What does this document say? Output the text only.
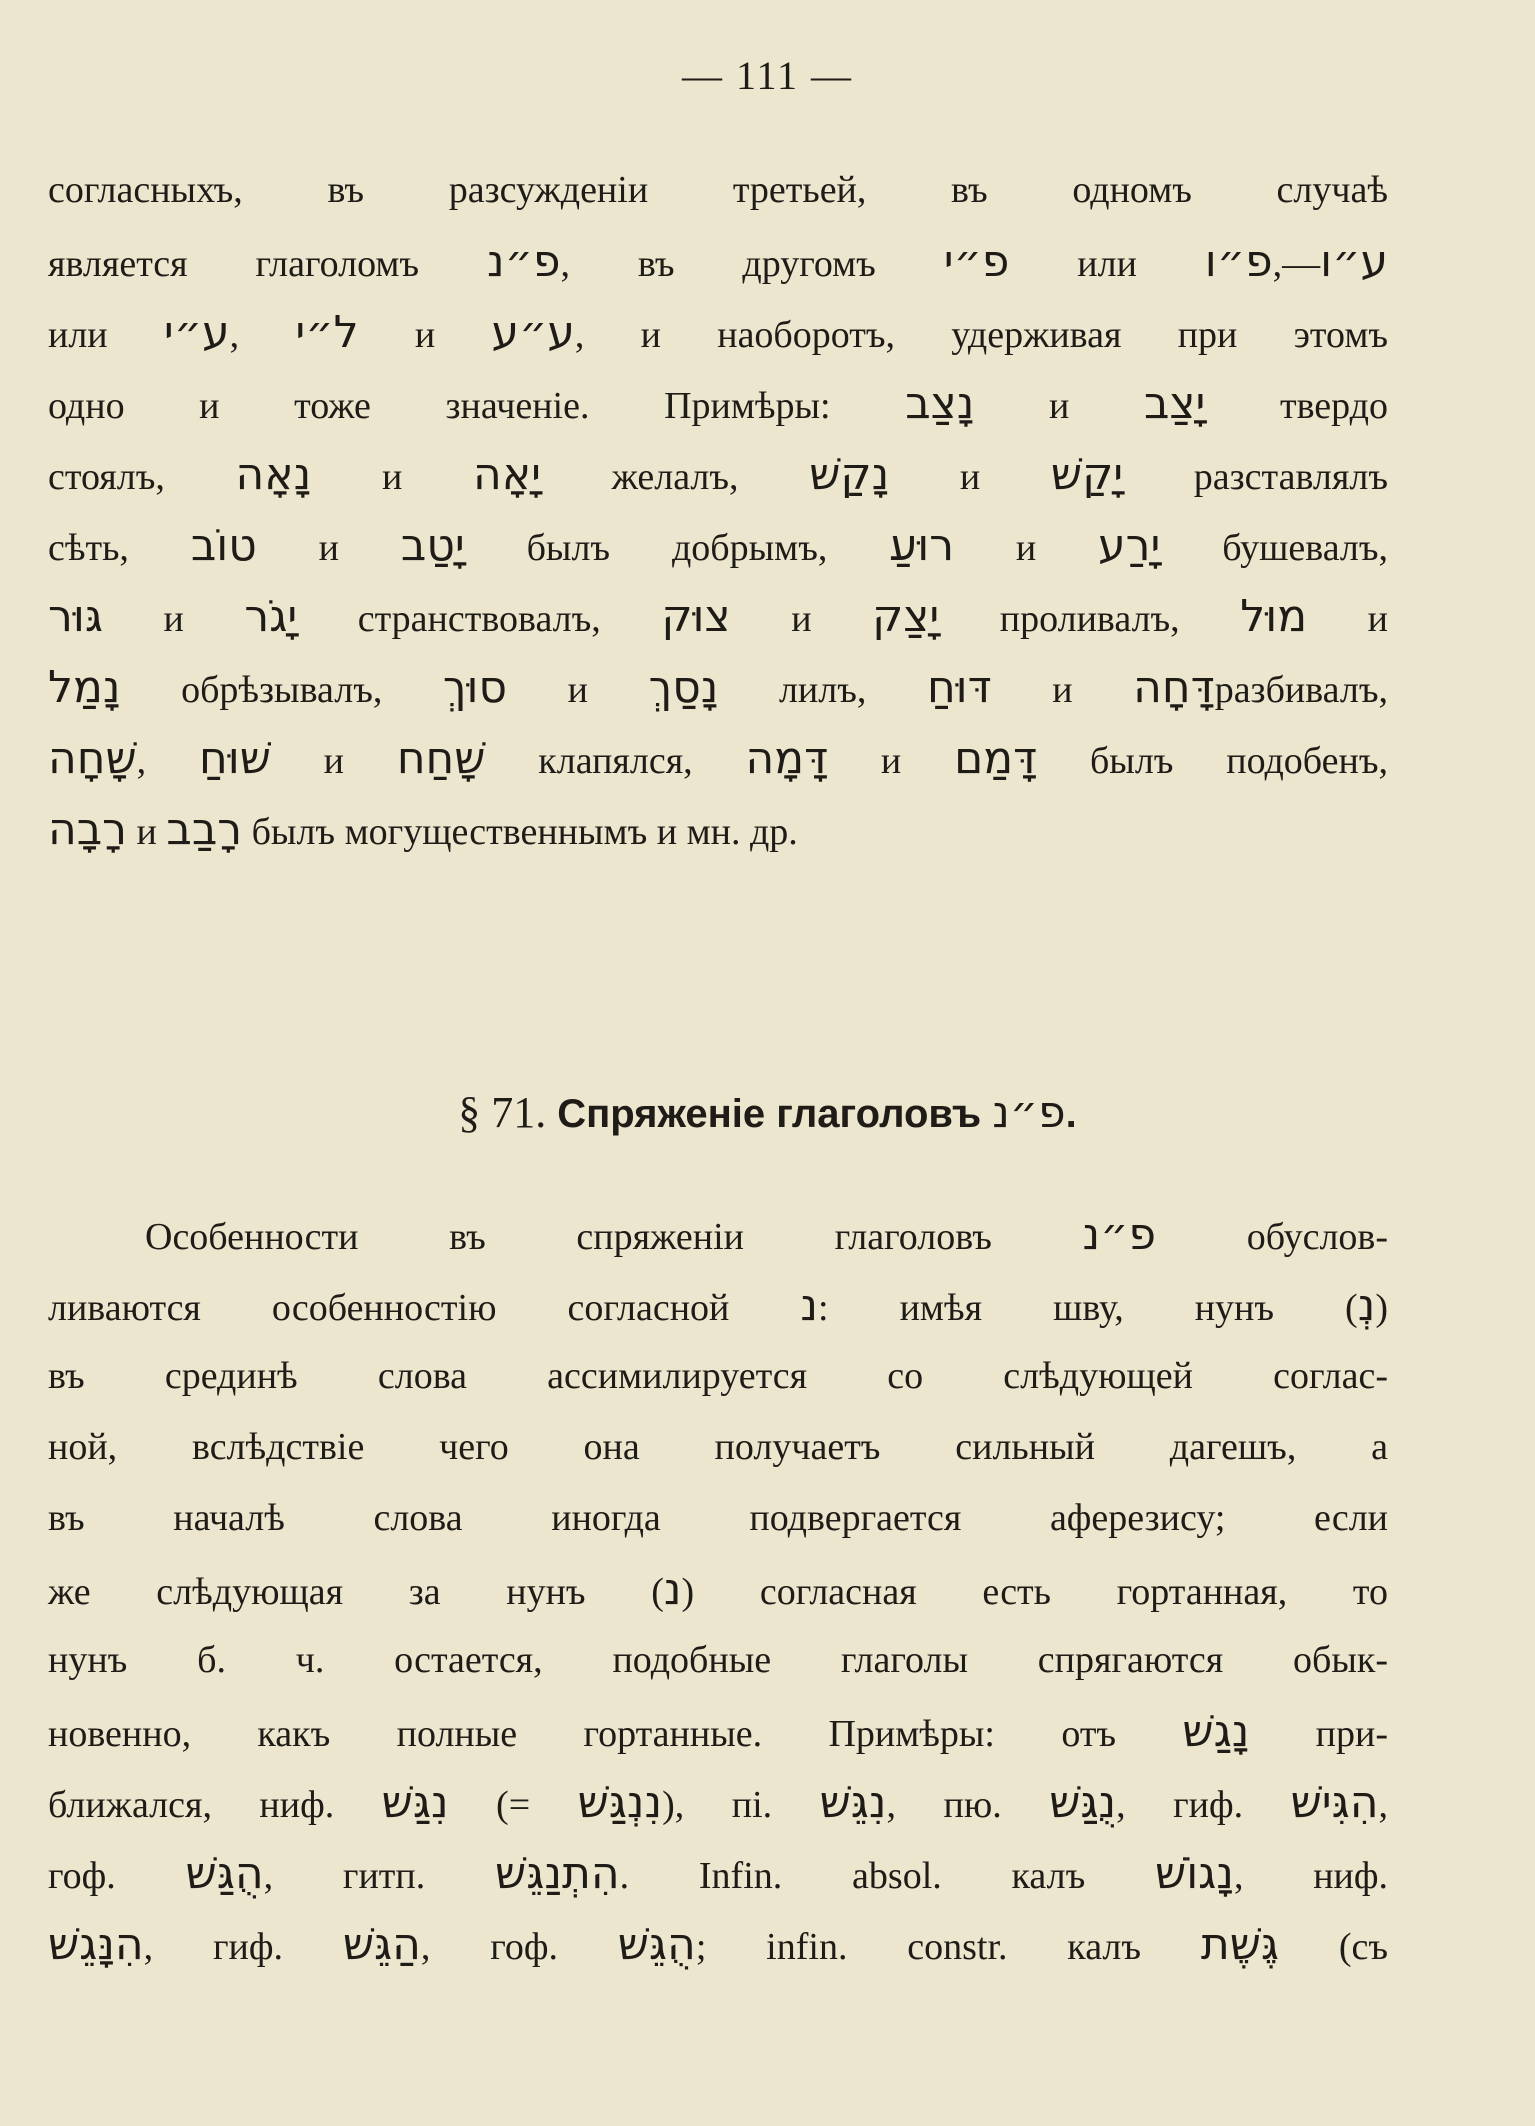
— 111 —
согласныхъ, въ разсужденіи третьей, въ одномъ случаѣ
является глаголомъ פ״נ, въ другомъ פ״י или פ״ו,—ע״ו
или ע״י, ל״י и ע״ע, и наоборотъ, удерживая при этомъ
одно и тоже значеніе. Примѣры: נָצַב и יָצַב твердо
стоялъ, נָאָה и יָאָה желалъ, נָקַשׁ и יָקַשׁ разставлялъ
сѣть, טוֹב и יָטַב былъ добрымъ, רוּעַ и יָרַע бушевалъ,
גּוּר и יָגֹר странствовалъ, צוּק и יָצַק проливалъ, מוּל и
נָמַל обрѣзывалъ, סוּךְ и נָסַךְ лилъ, דּוּחַ и דָּחָהразбивалъ,
שָׁחָה, שׁוּחַ и שָׁחַח клапялся, דָּמָה и דָּמַם былъ подобенъ,
רָבָה и רָבַב былъ могущественнымъ и мн. др.
§ 71. Спряженіе глаголовъ פ״נ.
Особенности въ спряженіи глаголовъ פ״נ обуслов-
ливаются особенностію согласной נ: имѣя шву, нунъ (נְ)
въ срединѣ слова ассимилируется со слѣдующей соглас-
ной, вслѣдствіе чего она получаетъ сильный дагешъ, а
въ началѣ слова иногда подвергается аферезису; если
же слѣдующая за нунъ (נ) согласная есть гортанная, то
нунъ б. ч. остается, подобные глаголы спрягаются обык-
новенно, какъ полные гортанные. Примѣры: отъ נָגַשׁ при-
ближался, ниф. נִגַּשׁ (= נִנְגַּשׁ), пі. נִגֵּשׁ, пю. נֻגַּשׁ, гиф. הִגִּישׁ,
гоф. הֻגַּשׁ, гитп. הִתְנַגֵּשׁ. Infin. absol. калъ נָגוֹשׁ, ниф.
הִנָּגֵשׁ, гиф. הַגֵּשׁ, гоф. הֻגֵּשׁ; infin. constr. калъ גֶּשֶׁת (съ
